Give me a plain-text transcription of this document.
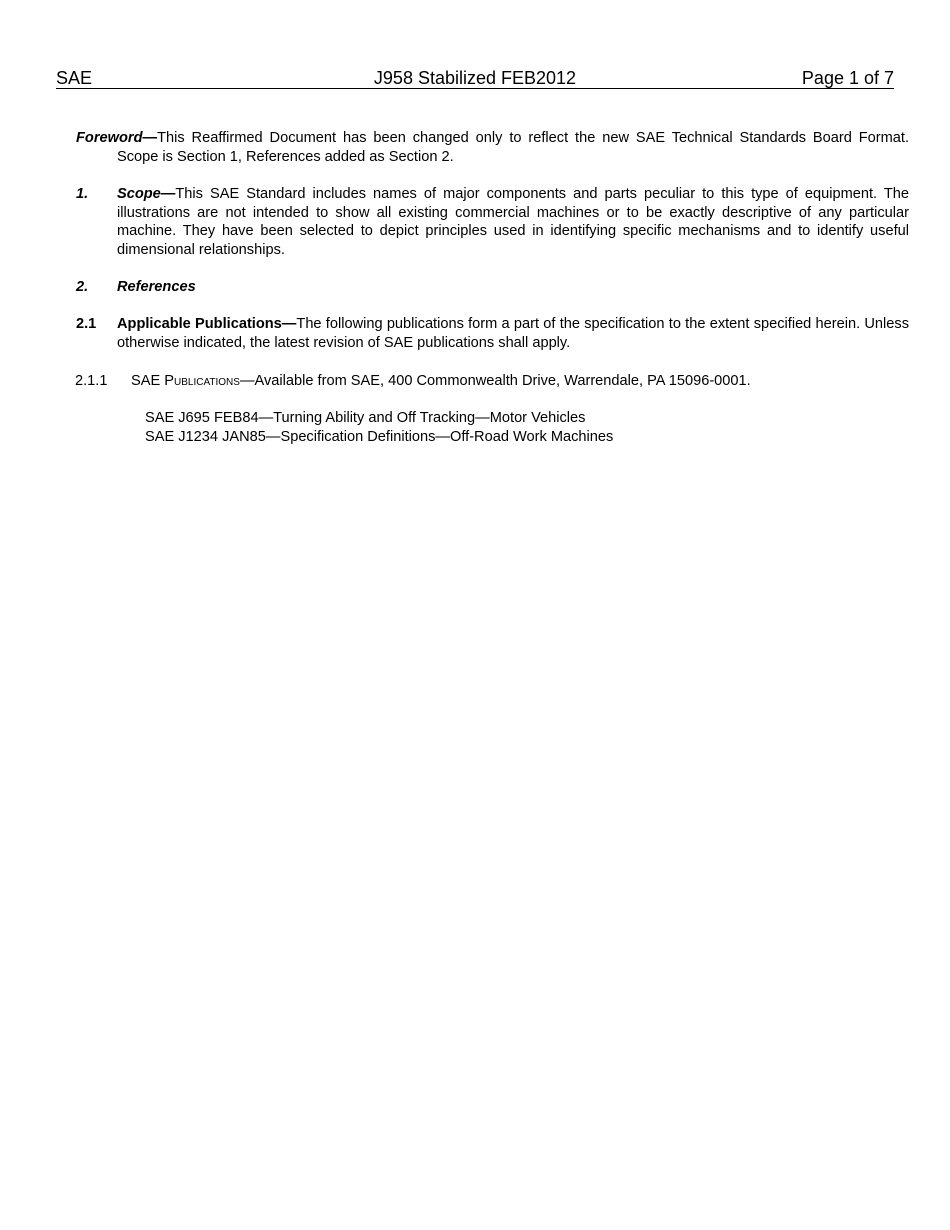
SAE	J958 Stabilized FEB2012	Page 1 of 7
Foreword—This Reaffirmed Document has been changed only to reflect the new SAE Technical Standards Board Format. Scope is Section 1, References added as Section 2.
1. Scope—This SAE Standard includes names of major components and parts peculiar to this type of equipment. The illustrations are not intended to show all existing commercial machines or to be exactly descriptive of any particular machine. They have been selected to depict principles used in identifying specific mechanisms and to identify useful dimensional relationships.
2. References
2.1 Applicable Publications—The following publications form a part of the specification to the extent specified herein. Unless otherwise indicated, the latest revision of SAE publications shall apply.
2.1.1 SAE Publications—Available from SAE, 400 Commonwealth Drive, Warrendale, PA 15096-0001.
SAE J695 FEB84—Turning Ability and Off Tracking—Motor Vehicles
SAE J1234 JAN85—Specification Definitions—Off-Road Work Machines
